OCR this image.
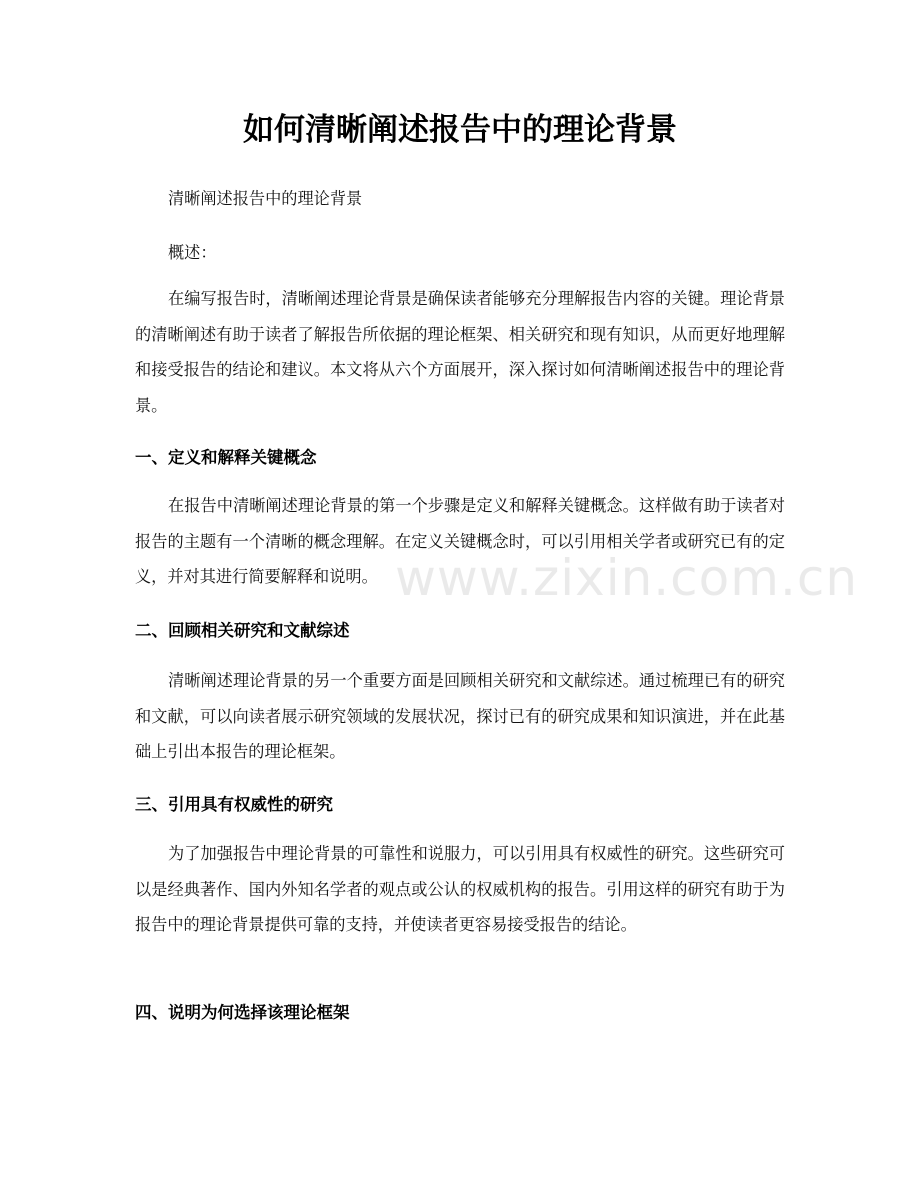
如何清晰阐述报告中的理论背景

清晰阐述报告中的理论背景

概述：

在编写报告时，清晰阐述理论背景是确保读者能够充分理解报告内容的关键。理论背景的清晰阐述有助于读者了解报告所依据的理论框架、相关研究和现有知识，从而更好地理解和接受报告的结论和建议。本文将从六个方面展开，深入探讨如何清晰阐述报告中的理论背景。

一、定义和解释关键概念

在报告中清晰阐述理论背景的第一个步骤是定义和解释关键概念。这样做有助于读者对报告的主题有一个清晰的概念理解。在定义关键概念时，可以引用相关学者或研究已有的定义，并对其进行简要解释和说明。

二、回顾相关研究和文献综述

清晰阐述理论背景的另一个重要方面是回顾相关研究和文献综述。通过梳理已有的研究和文献，可以向读者展示研究领域的发展状况，探讨已有的研究成果和知识演进，并在此基础上引出本报告的理论框架。

三、引用具有权威性的研究

为了加强报告中理论背景的可靠性和说服力，可以引用具有权威性的研究。这些研究可以是经典著作、国内外知名学者的观点或公认的权威机构的报告。引用这样的研究有助于为报告中的理论背景提供可靠的支持，并使读者更容易接受报告的结论。

四、说明为何选择该理论框架
www.zixin.com.cn
